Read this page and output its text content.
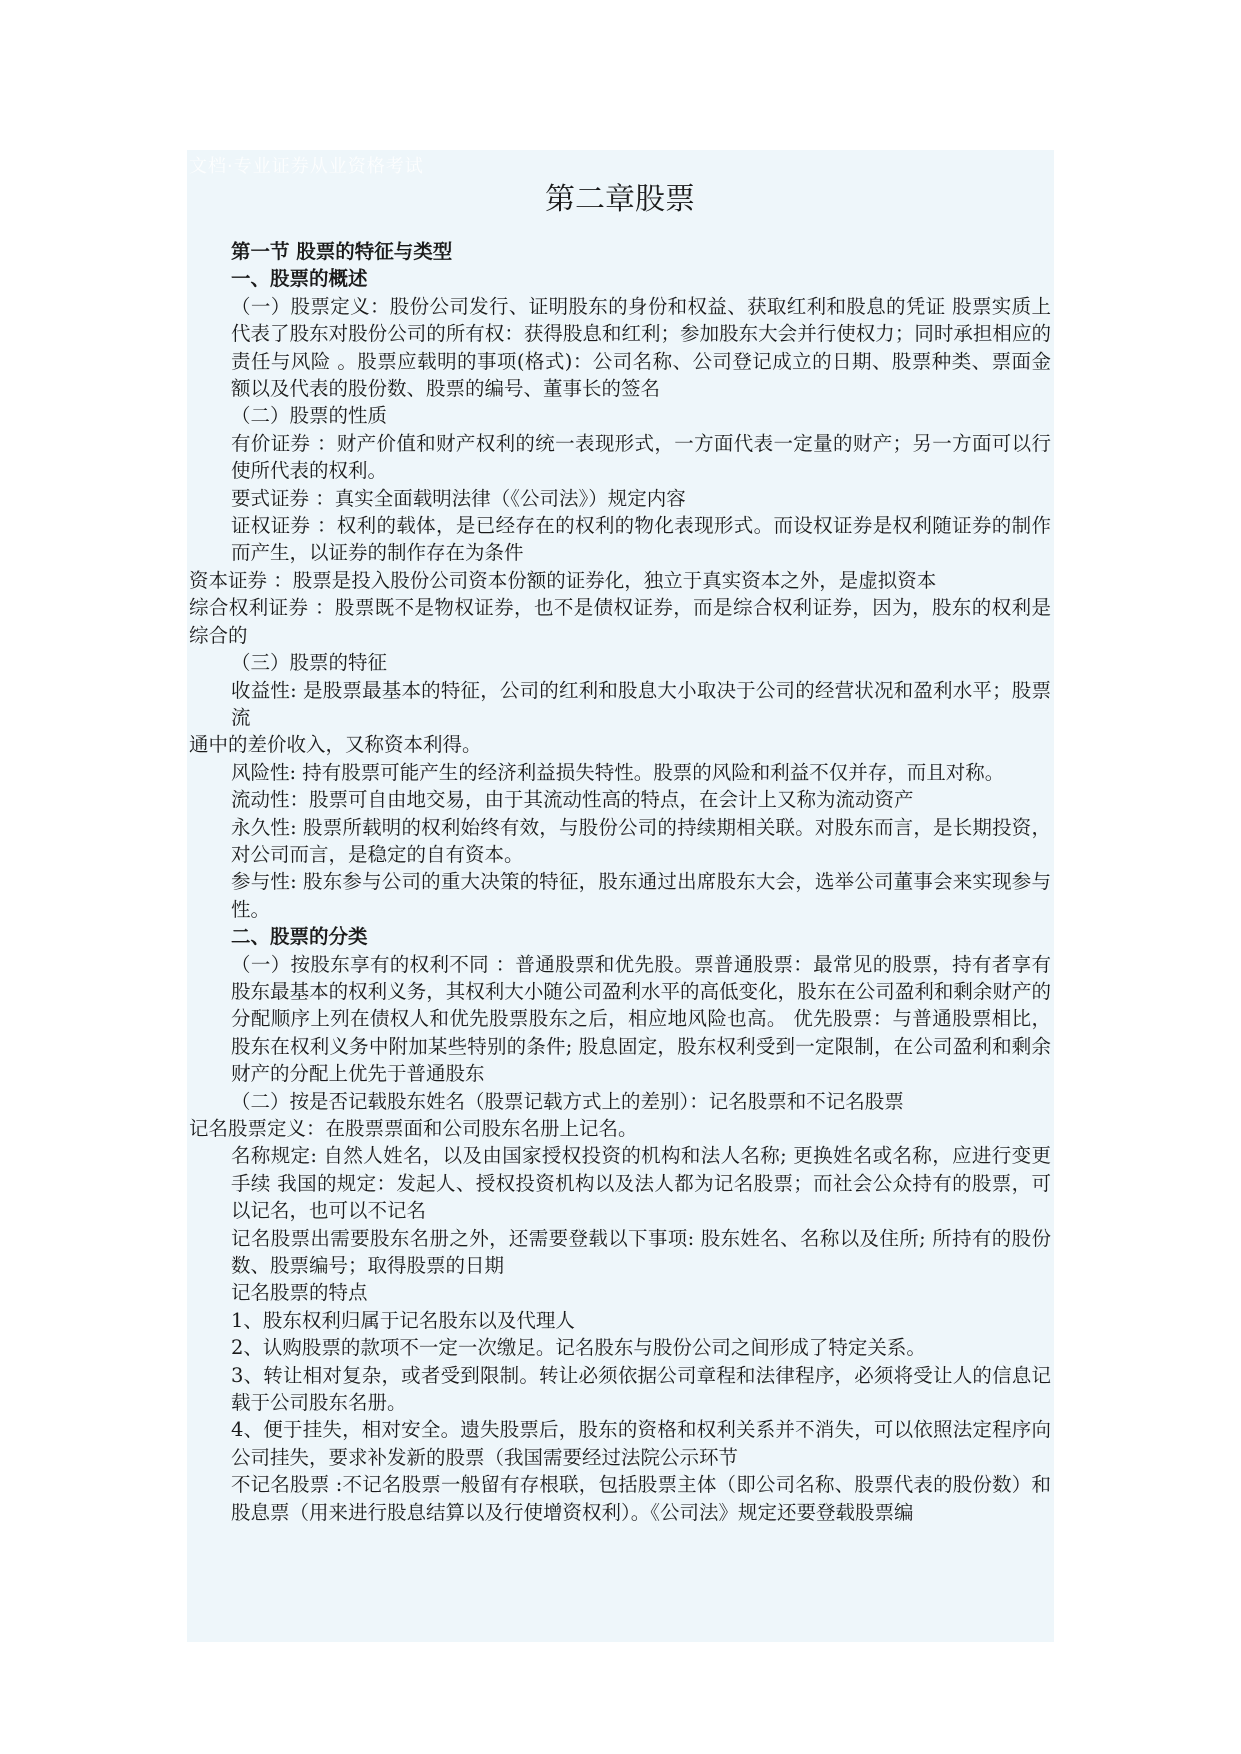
文档·专业证券从业资格考试
第二章股票

第一节 股票的特征与类型

一、股票的概述

（一）股票定义：股份公司发行、证明股东的身份和权益、获取红利和股息的凭证 股票实质上代表了股东对股份公司的所有权：获得股息和红利；参加股东大会并行使权力；同时承担相应的责任与风险 。股票应载明的事项(格式)：公司名称、公司登记成立的日期、股票种类、票面金额以及代表的股份数、股票的编号、董事长的签名

（二）股票的性质

有价证券 ：财产价值和财产权利的统一表现形式，一方面代表一定量的财产；另一方面可以行使所代表的权利。

要式证券 ：真实全面载明法律（《公司法》）规定内容

证权证券 ：权利的载体，是已经存在的权利的物化表现形式。而设权证券是权利随证券的制作而产生，以证券的制作存在为条件

资本证券 ：股票是投入股份公司资本份额的证券化，独立于真实资本之外，是虚拟资本

综合权利证券 ：股票既不是物权证券，也不是债权证券，而是综合权利证券，因为，股东的权利是综合的

（三）股票的特征

收益性: 是股票最基本的特征，公司的红利和股息大小取决于公司的经营状况和盈利水平；股票流

通中的差价收入，又称资本利得。

风险性: 持有股票可能产生的经济利益损失特性。股票的风险和利益不仅并存，而且对称。

流动性：股票可自由地交易，由于其流动性高的特点，在会计上又称为流动资产

永久性: 股票所载明的权利始终有效，与股份公司的持续期相关联。对股东而言，是长期投资，对公司而言，是稳定的自有资本。

参与性: 股东参与公司的重大决策的特征，股东通过出席股东大会，选举公司董事会来实现参与性。

二、股票的分类

（一）按股东享有的权利不同 ：普通股票和优先股。票普通股票：最常见的股票，持有者享有股东最基本的权利义务，其权利大小随公司盈利水平的高低变化，股东在公司盈利和剩余财产的分配顺序上列在债权人和优先股票股东之后，相应地风险也高。 优先股票：与普通股票相比，股东在权利义务中附加某些特别的条件; 股息固定，股东权利受到一定限制，在公司盈利和剩余财产的分配上优先于普通股东

（二）按是否记载股东姓名（股票记载方式上的差别）：记名股票和不记名股票

记名股票定义：在股票票面和公司股东名册上记名。

名称规定: 自然人姓名，以及由国家授权投资的机构和法人名称; 更换姓名或名称，应进行变更手续 我国的规定：发起人、授权投资机构以及法人都为记名股票；而社会公众持有的股票，可以记名，也可以不记名

记名股票出需要股东名册之外，还需要登载以下事项: 股东姓名、名称以及住所; 所持有的股份数、股票编号；取得股票的日期

记名股票的特点

1、股东权利归属于记名股东以及代理人

2、认购股票的款项不一定一次缴足。记名股东与股份公司之间形成了特定关系。

3、转让相对复杂，或者受到限制。转让必须依据公司章程和法律程序，必须将受让人的信息记载于公司股东名册。

4、便于挂失，相对安全。遗失股票后，股东的资格和权利关系并不消失，可以依照法定程序向公司挂失，要求补发新的股票（我国需要经过法院公示环节

不记名股票 :不记名股票一般留有存根联，包括股票主体（即公司名称、股票代表的股份数）和股息票（用来进行股息结算以及行使增资权利）。《公司法》规定还要登载股票编
